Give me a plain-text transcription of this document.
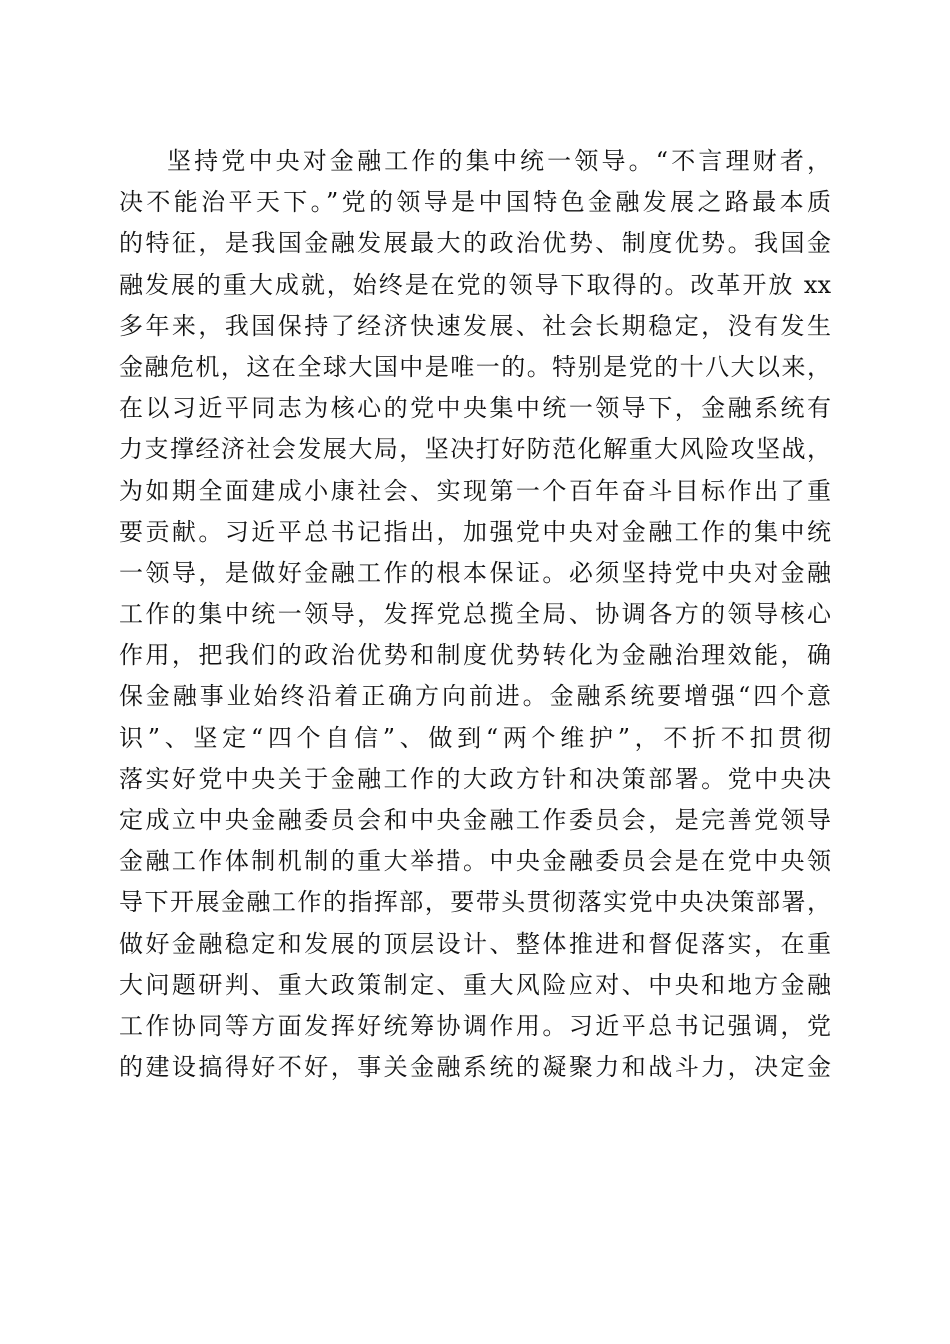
坚持党中央对金融工作的集中统一领导。“不言理财者，
决不能治平天下。”党的领导是中国特色金融发展之路最本质
的特征，是我国金融发展最大的政治优势、制度优势。我国金
融发展的重大成就，始终是在党的领导下取得的。改革开放 xx
多年来，我国保持了经济快速发展、社会长期稳定，没有发生
金融危机，这在全球大国中是唯一的。特别是党的十八大以来，
在以习近平同志为核心的党中央集中统一领导下，金融系统有
力支撑经济社会发展大局，坚决打好防范化解重大风险攻坚战，
为如期全面建成小康社会、实现第一个百年奋斗目标作出了重
要贡献。习近平总书记指出，加强党中央对金融工作的集中统
一领导，是做好金融工作的根本保证。必须坚持党中央对金融
工作的集中统一领导，发挥党总揽全局、协调各方的领导核心
作用，把我们的政治优势和制度优势转化为金融治理效能，确
保金融事业始终沿着正确方向前进。金融系统要增强“四个意
识”、坚定“四个自信”、做到“两个维护”，不折不扣贯彻
落实好党中央关于金融工作的大政方针和决策部署。党中央决
定成立中央金融委员会和中央金融工作委员会，是完善党领导
金融工作体制机制的重大举措。中央金融委员会是在党中央领
导下开展金融工作的指挥部，要带头贯彻落实党中央决策部署，
做好金融稳定和发展的顶层设计、整体推进和督促落实，在重
大问题研判、重大政策制定、重大风险应对、中央和地方金融
工作协同等方面发挥好统筹协调作用。习近平总书记强调，党
的建设搞得好不好，事关金融系统的凝聚力和战斗力，决定金
